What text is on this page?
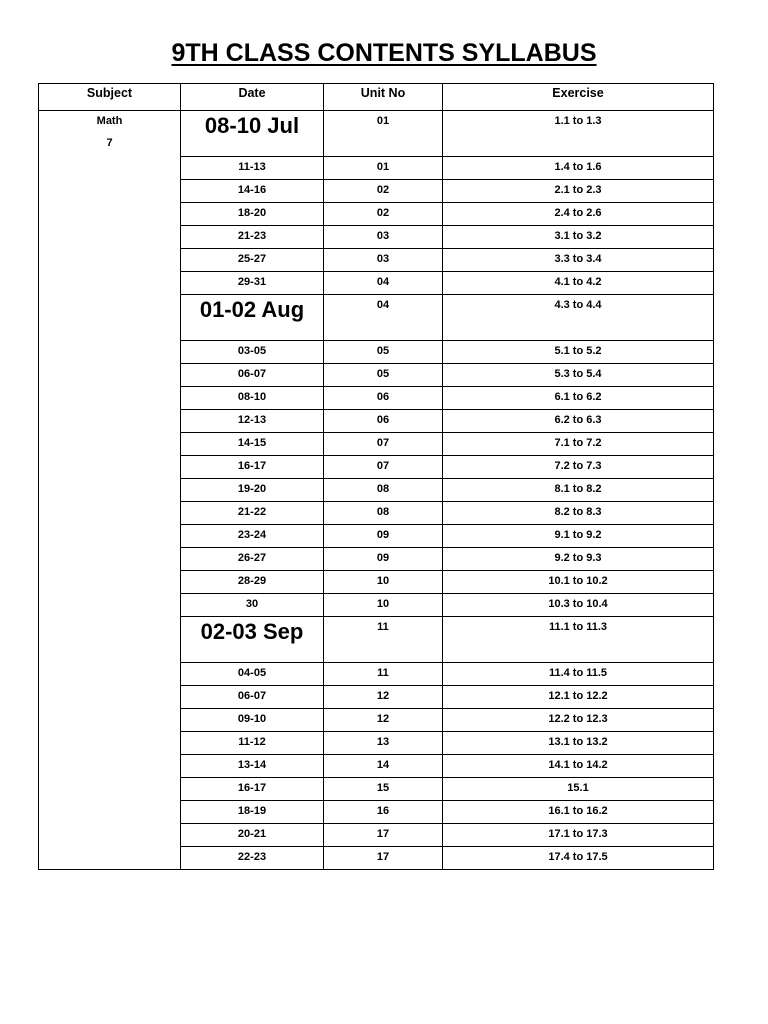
9TH CLASS CONTENTS SYLLABUS
Subject	Date	Unit No	Exercise

Math
7	08-10 Jul	01	1.1 to 1.3
	11-13	01	1.4 to 1.6
	14-16	02	2.1 to 2.3
	18-20	02	2.4 to 2.6
	21-23	03	3.1 to 3.2
	25-27	03	3.3 to 3.4
	29-31	04	4.1 to 4.2
	01-02 Aug	04	4.3 to 4.4
	03-05	05	5.1 to 5.2
	06-07	05	5.3 to 5.4
	08-10	06	6.1 to 6.2
	12-13	06	6.2 to 6.3
	14-15	07	7.1 to 7.2
	16-17	07	7.2 to 7.3
	19-20	08	8.1 to 8.2
	21-22	08	8.2 to 8.3
	23-24	09	9.1 to 9.2
	26-27	09	9.2 to 9.3
	28-29	10	10.1 to 10.2
	30	10	10.3 to 10.4
	02-03 Sep	11	11.1 to 11.3
	04-05	11	11.4 to 11.5
	06-07	12	12.1 to 12.2
	09-10	12	12.2 to 12.3
	11-12	13	13.1 to 13.2
	13-14	14	14.1 to 14.2
	16-17	15	15.1
	18-19	16	16.1 to 16.2
	20-21	17	17.1 to 17.3
	22-23	17	17.4 to 17.5
